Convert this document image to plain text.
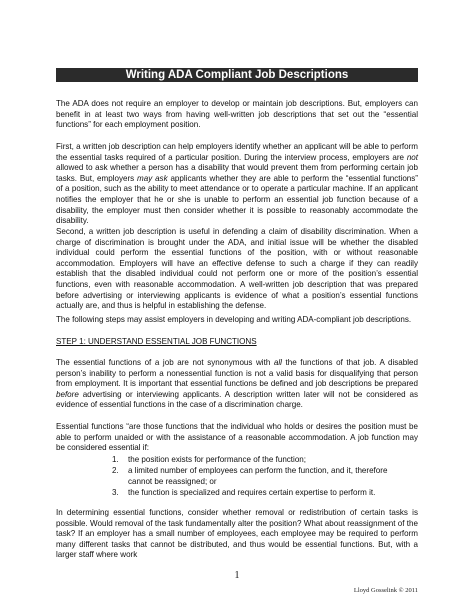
Writing ADA Compliant Job Descriptions

The ADA does not require an employer to develop or maintain job descriptions. But, employers can benefit in at least two ways from having well-written job descriptions that set out the “essential functions” for each employment position.

First, a written job description can help employers identify whether an applicant will be able to perform the essential tasks required of a particular position. During the interview process, employers are not allowed to ask whether a person has a disability that would prevent them from performing certain job tasks. But, employers may ask applicants whether they are able to perform the “essential functions” of a position, such as the ability to meet attendance or to operate a particular machine. If an applicant notifies the employer that he or she is unable to perform an essential job function because of a disability, the employer must then consider whether it is possible to reasonably accommodate the disability.

Second, a written job description is useful in defending a claim of disability discrimination. When a charge of discrimination is brought under the ADA, and initial issue will be whether the disabled individual could perform the essential functions of the position, with or without reasonable accommodation. Employers will have an effective defense to such a charge if they can readily establish that the disabled individual could not perform one or more of the position’s essential functions, even with reasonable accommodation. A well-written job description that was prepared before advertising or interviewing applicants is evidence of what a position’s essential functions actually are, and thus is helpful in establishing the defense.

The following steps may assist employers in developing and writing ADA-compliant job descriptions.

STEP 1: UNDERSTAND ESSENTIAL JOB FUNCTIONS

The essential functions of a job are not synonymous with all the functions of that job. A disabled person’s inability to perform a nonessential function is not a valid basis for disqualifying that person from employment. It is important that essential functions be defined and job descriptions be prepared before advertising or interviewing applicants. A description written later will not be considered as evidence of essential functions in the case of a discrimination charge.

Essential functions “are those functions that the individual who holds or desires the position must be able to perform unaided or with the assistance of a reasonable accommodation. A job function may be considered essential if:

1. the position exists for performance of the function;
2. a limited number of employees can perform the function, and it, therefore cannot be reassigned; or
3. the function is specialized and requires certain expertise to perform it.

In determining essential functions, consider whether removal or redistribution of certain tasks is possible. Would removal of the task fundamentally alter the position? What about reassignment of the task? If an employer has a small number of employees, each employee may be required to perform many different tasks that cannot be distributed, and thus would be essential functions. But, with a larger staff where work

1
Lloyd Gosselink © 2011
